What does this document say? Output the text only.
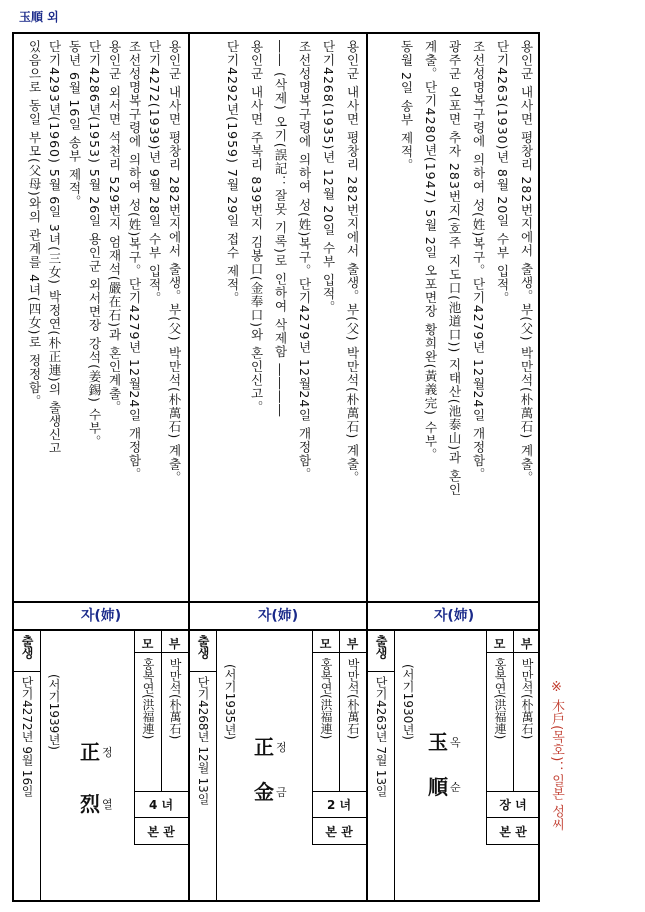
玉順 외
용인군 내사면 평창리 282번지에서 출생。부(父) 박만석(朴萬石) 계출。
단기4263(1930)년 8월 20일 수부 입적。
조선성명복구령에 의하여 성(姓)복구。단기4279년 12월24일 개정함。
광주군 오포면 추자 283번지(호주 지도口(池道口)) 지태산(池泰山)과 혼인
계출。단기4280년(1947) 5월 2일 오포면장 황희완(黃義完) 수부。
동월 2일 송부 제적。
자(姉)
부
모
박만석(朴萬石)
홍복연(洪福連)
장 녀
본 관
출생
단기4263년 7월 13일 (서기1930년)
玉 옥
順 순
용인군 내사면 평창리 282번지에서 출생。부(父) 박만석(朴萬石) 계출。
단기4268(1935)년 12월 20일 수부 입적。
조선성명복구령에 의하여 성(姓)복구。단기4279년 12월24일 개정함。
―― (삭제) 오기(誤記：잘못 기록)로 인하여 삭제함 ――――
용인군 내사면 주북리 839번지 김봉口(金奉口)와 혼인신고。
단기4292년(1959) 7월 29일 접수 제적。
자(姉)
부
모
박만석(朴萬石)
홍복연(洪福連)
2 녀
본 관
출생
단기4268년 12월 13일 (서기1935년)
正 정
金 금
용인군 내사면 평창리 282번지에서 출생。부(父) 박만석(朴萬石) 계출。
단기4272(1939)년 9월 28일 수부 입적。
조선성명복구령에 의하여 성(姓)복구。단기4279년 12월24일 개정함。
용인군 외서면 석천리 529번지 엄재석(嚴在石)과 혼인계출。
단기4286년(1953) 5월 26일 용인군 외서면장 강석(姜錫) 수부。
동년 6월 16일 송부 제적。
단기4293년(1960) 5월 6일 3녀(三女) 박정연(朴正連)의 출생신고
있음으로 동일 부모(父母)와의 관계를 4녀(四女)로 정정함。
자(姉)
부
모
박만석(朴萬石)
홍복연(洪福連)
4 녀
본 관
출생
단기4272년 9월 16일 (서기1939년)
正 정
烈 열	※ 木戶(목호)：일본 성씨
